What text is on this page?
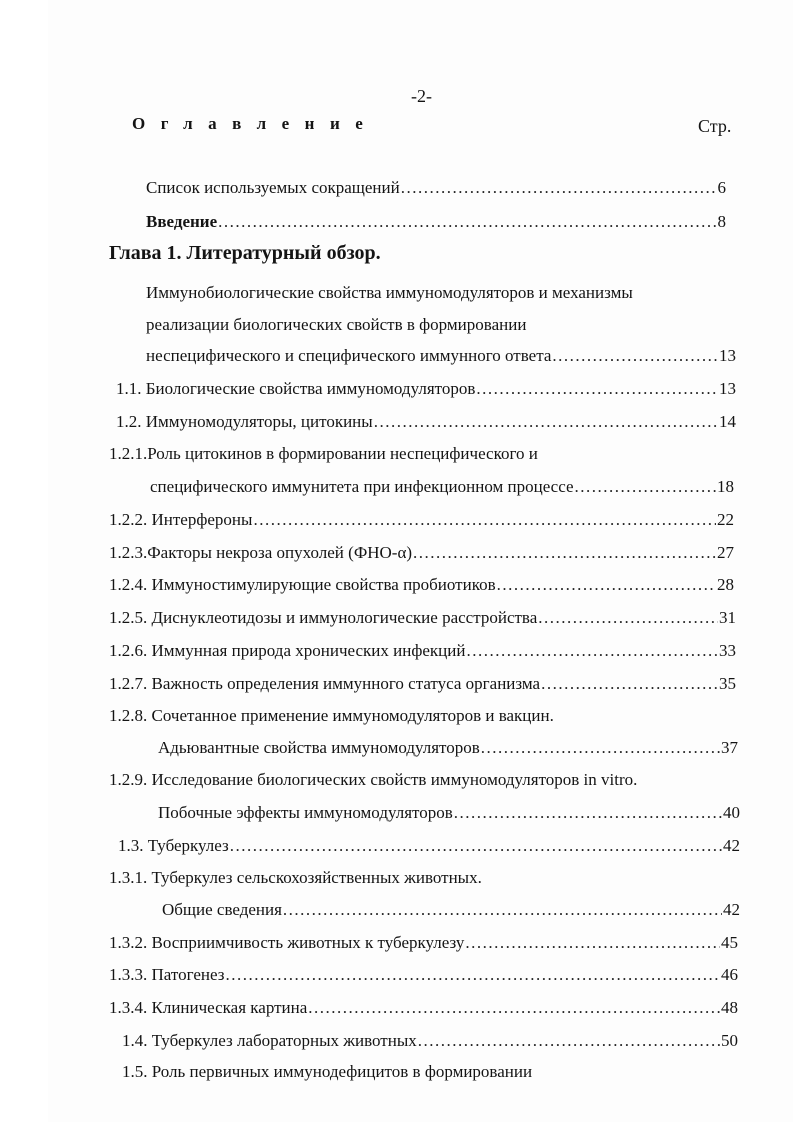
-2-
Оглавление	Стр.
Список используемых сокращений .....	6
Введение .....	8
Глава 1. Литературный обзор.
Иммунобиологические свойства иммуномодуляторов и механизмы
реализации биологических свойств в формировании
неспецифического и специфического иммунного ответа .....	13
1.1. Биологические свойства иммуномодуляторов .....	13
1.2. Иммуномодуляторы, цитокины .....	14
1.2.1.Роль цитокинов в формировании неспецифического и
специфического иммунитета при инфекционном процессе .....	18
1.2.2. Интерфероны .....	22
1.2.3.Факторы некроза опухолей (ФНО-α) .....	27
1.2.4. Иммуностимулирующие свойства пробиотиков .....	28
1.2.5. Диснуклеотидозы и иммунологические расстройства .....	31
1.2.6. Иммунная природа хронических инфекций .....	33
1.2.7. Важность определения иммунного статуса организма .....	35
1.2.8. Сочетанное применение иммуномодуляторов и вакцин.
Адьювантные свойства иммуномодуляторов .....	37
1.2.9. Исследование биологических свойств иммуномодуляторов in vitro.
Побочные эффекты иммуномодуляторов .....	40
1.3. Туберкулез .....	42
1.3.1. Туберкулез сельскохозяйственных животных.
Общие сведения .....	42
1.3.2. Восприимчивость животных к туберкулезу .....	45
1.3.3. Патогенез .....	46
1.3.4. Клиническая картина .....	48
1.4. Туберкулез лабораторных животных .....	50
1.5. Роль первичных иммунодефицитов в формировании
